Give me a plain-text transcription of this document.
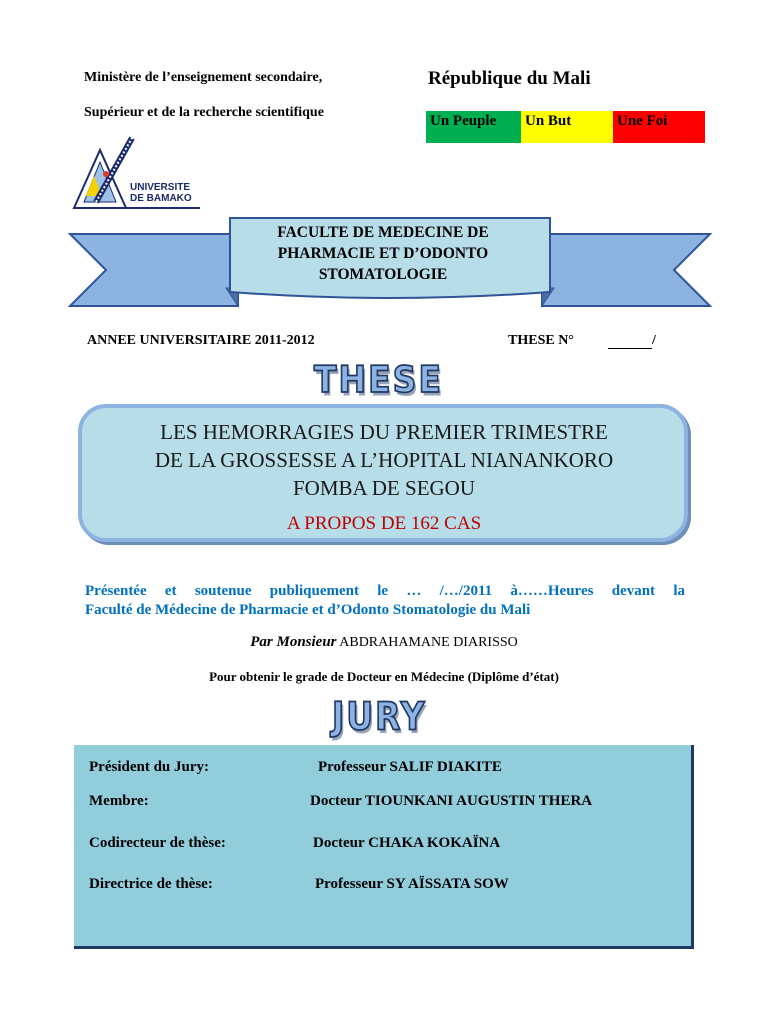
Ministère de l’enseignement secondaire,
Supérieur et de la recherche scientifique
République du Mali
Un Peuple	Un But	Une Foi
UNIVERSITE
DE BAMAKO
FACULTE DE MEDECINE DE
PHARMACIE ET D’ODONTO
STOMATOLOGIE
ANNEE UNIVERSITAIRE 2011-2012	THESE N°	/
THESE
LES HEMORRAGIES DU PREMIER TRIMESTRE
DE LA GROSSESSE A L’HOPITAL NIANANKORO
FOMBA DE SEGOU
A PROPOS DE 162 CAS
Présentée et soutenue publiquement le … /…/2011 à……Heures devant la
Faculté de Médecine de Pharmacie et d’Odonto Stomatologie du Mali
Par Monsieur ABDRAHAMANE DIARISSO
Pour obtenir le grade de Docteur en Médecine (Diplôme d’état)
JURY
Président du Jury:	Professeur SALIF DIAKITE
Membre:	Docteur TIOUNKANI AUGUSTIN THERA
Codirecteur de thèse:	Docteur CHAKA KOKAÏNA
Directrice de thèse:	Professeur SY AÏSSATA SOW
